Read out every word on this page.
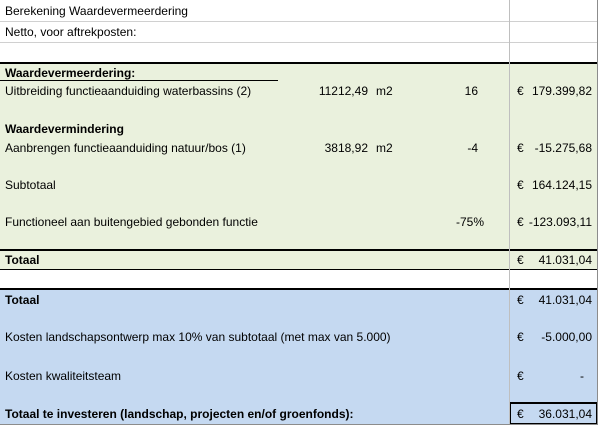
Berekening Waardevermeerdering
Netto, voor aftrekposten:
Waardevermeerdering:
Uitbreiding functieaanduiding waterbassins (2)	11212,49 m2	16	€ 179.399,82
Waardevermindering
Aanbrengen functieaanduiding natuur/bos (1)	3818,92 m2	-4	€ -15.275,68
Subtotaal	€ 164.124,15
Functioneel aan buitengebied gebonden functie	-75%	€ -123.093,11
Totaal	€	41.031,04
Totaal	€	41.031,04
Kosten landschapsontwerp max 10% van subtotaal (met max van 5.000)	€	-5.000,00
Kosten kwaliteitsteam	€	-
Totaal te investeren (landschap, projecten en/of groenfonds):	€ 36.031,04
